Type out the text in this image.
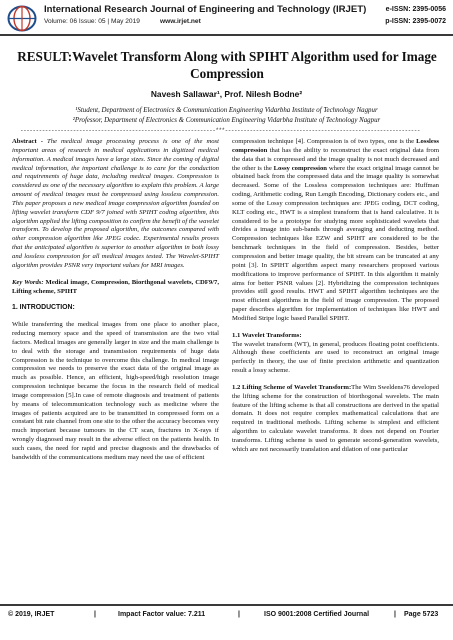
International Research Journal of Engineering and Technology (IRJET)
Volume: 06 Issue: 05 | May 2019	www.irjet.net
e-ISSN: 2395-0056
p-ISSN: 2395-0072
RESULT:Wavelet Transform Along with SPIHT Algorithm used for Image Compression
Navesh Sallawar¹, Prof. Nilesh Bodne²
¹Student, Department of Electronics & Communication Engineering Vidarbha Institute of Technology Nagpur
²Professor, Department of Electronics & Communication Engineering Vidarbha Institute of Technology Nagpur
---------------------------------------------------------------***---------------------------------------------------------------

Abstract - The medical image processing process is one of the most important areas of research in medical applications in digitized medical information. A medical images have a large sizes. Since the coming of digital medical information, the important challenge is to care for the conduction and requirements of huge data, including medical images. Compression is considered as one of the necessary algorithm to explain this problem. A large amount of medical images must be compressed using lossless compression. This paper proposes a new medical image compression algorithm founded on lifting wavelet transform CDF 9/7 joined with SPIHT coding algorithm, this algorithm applied the lifting composition to confirm the benefit of the wavelet transform. To develop the proposed algorithm, the outcomes compared with other compression algorithm like JPEG codec. Experimental results proves that the anticipated algorithm is superior to another algorithm in both lossy and lossless compression for all medical images tested. The Wavelet-SPIHT algorithm provides PSNR very important values for MRI images.

Key Words: Medical image, Compression, Biorthgonal wavelets, CDF9/7, Lifting scheme, SPIHT

1. INTRODUCTION:

While transferring the medical images from one place to another place, reducing memory space and the speed of transmission are the two vital factors. Medical images are generally larger in size and the main challenge is to deal with the storage and transmission requirements of huge data Compression is the technique to overcome this challenge. In medical image compression we needs to preserve the exact data of the original image as much as possible. Hence, an efficient, high-speed/high resolution image compression technique became the focus in the research field of medical image compression [5].In case of remote diagnosis and treatment of patients by means of telecommunication technology such as medicine where the images of patients acquired are to be transmitted in compressed form on a constant bit rate channel from one site to the other the accuracy becomes very much important because tumours in the CT scan, fractures in X-rays if wrongly diagnosed may result in the adverse effect on the patients health. In such cases, the need for rapid and precise diagnosis and the drawbacks of bandwidth of the communications medium may need the use of efficient

compression technique [4]. Compression is of two types, one is the Lossless compression that has the ability to reconstruct the exact original data from the data that is compressed and the image quality is not much decreased and the other is the Lossy compression where the exact original image cannot be obtained back from the compressed data and the image quality is somewhat decreased. Some of the Lossless compression techniques are: Huffman coding, Arithmetic coding, Run Length Encoding, Dictionary coders etc., and some of the Lossy compression techniques are: JPEG coding, DCT coding, KLT coding etc., HWT is a simplest transform that is hand calculative. It is considered to be a prototype for studying more sophisticated wavelets that divides a image into sub-bands through averaging and deducting method. Compression techniques like EZW and SPIHT are considered to be the benchmark techniques in the field of compression. Besides, better compression and better image quality, the bit stream can be truncated at any point [3]. In SPIHT algorithm aspect many researchers proposed various modifications to improve performance of SPIHT. In this algorithm it mainly aims for better PSNR values [2]. Hybridizing the compression techniques provides still good results. HWT and SPIHT algorithm techniques are the most efficient algorithms in the field of image compression. The proposed paper describes algorithm for implementation of techniques like HWT and Modified Stripe logic based Parallel SPIHT.

1.1 Wavelet Transforms:

The wavelet transform (WT), in general, produces floating point coefficients. Although these coefficients are used to reconstruct an original image perfectly in theory, the use of finite precision arithmetic and quantization result a lossy scheme.

1.2 Lifting Scheme of Wavelet Transform:The Wim Sweldens76 developed the lifting scheme for the construction of biorthogonal wavelets. The main feature of the lifting scheme is that all constructions are derived in the spatial domain. It does not require complex mathematical calculations that are required in traditional methods. Lifting scheme is simplest and efficient algorithm to calculate wavelet transforms. It does not depend on Fourier transforms. Lifting scheme is used to generate second-generation wavelets, which are not necessarily translation and dilation of one particular

© 2019, IRJET	|	Impact Factor value: 7.211	|	ISO 9001:2008 Certified Journal	| Page 5723
